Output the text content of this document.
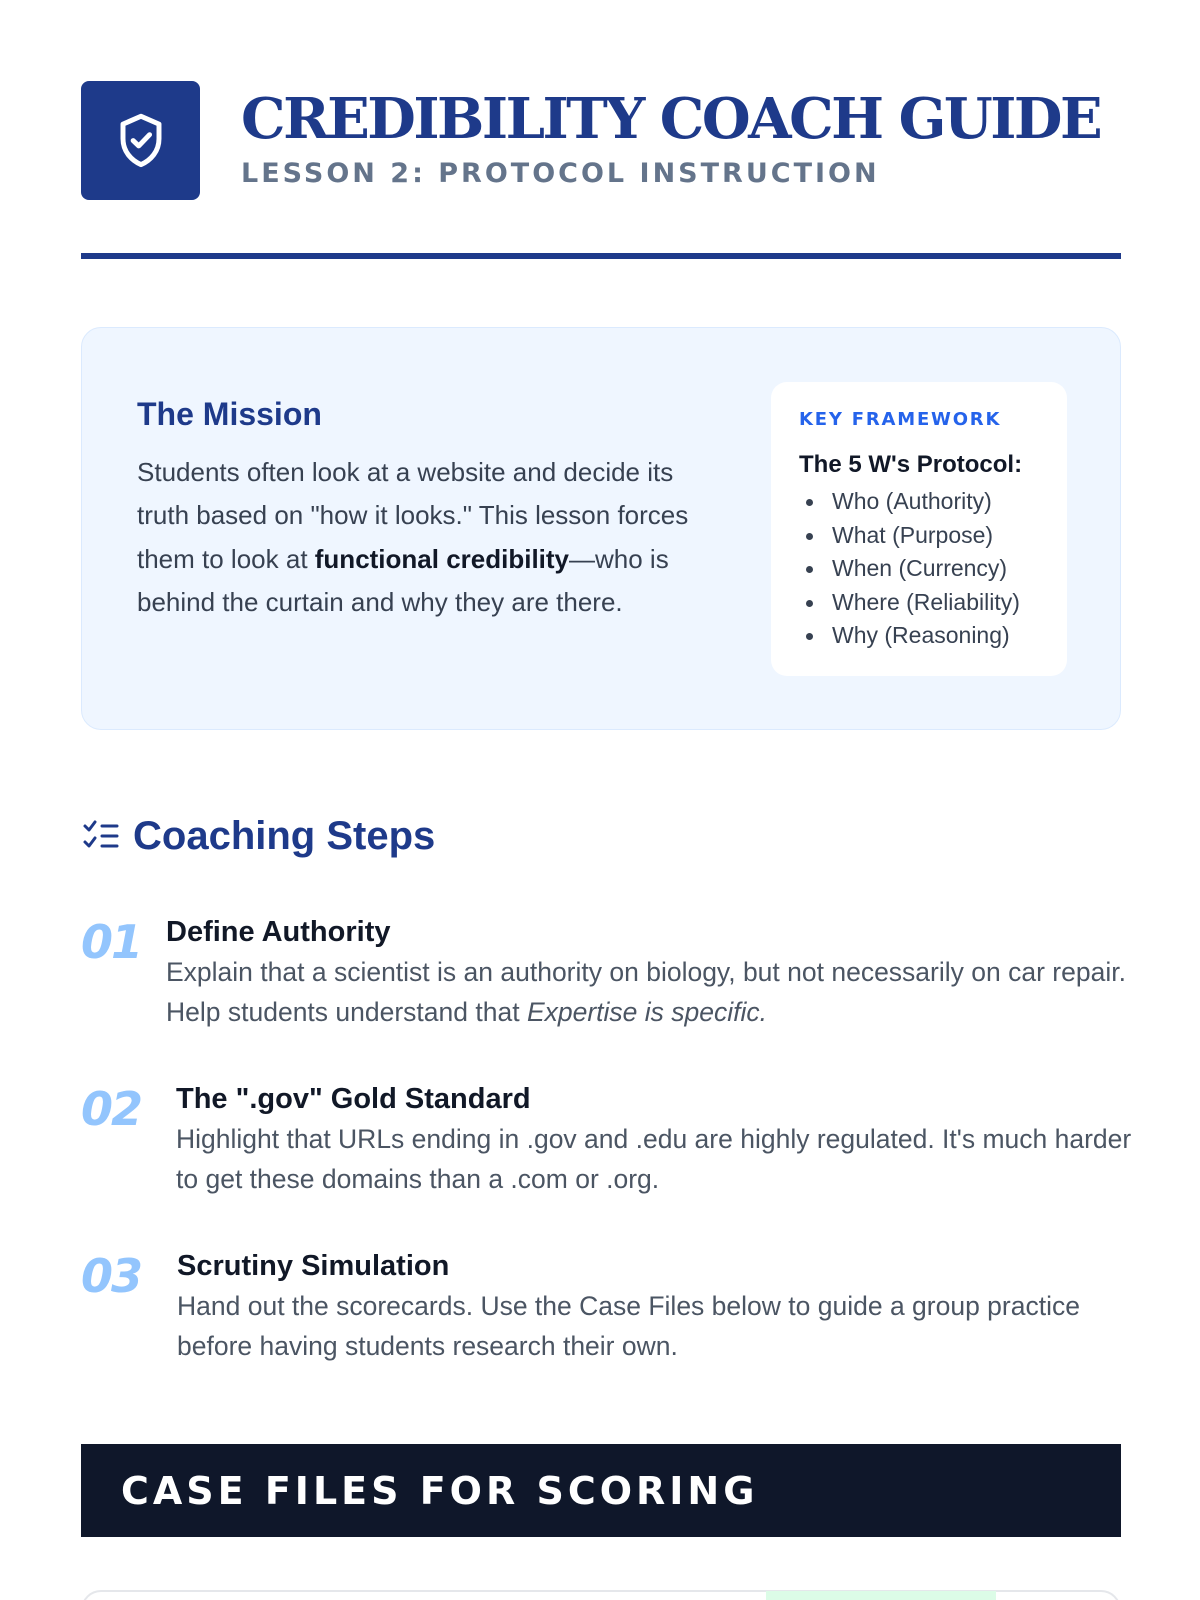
CREDIBILITY COACH GUIDE
LESSON 2: PROTOCOL INSTRUCTION
The Mission

Students often look at a website and decide its truth based on "how it looks." This lesson forces them to look at functional credibility—who is behind the curtain and why they are there.

KEY FRAMEWORK
The 5 W's Protocol:
Who (Authority)
What (Purpose)
When (Currency)
Where (Reliability)
Why (Reasoning)
Coaching Steps
01 Define Authority

Explain that a scientist is an authority on biology, but not necessarily on car repair. Help students understand that Expertise is specific.

02 The ".gov" Gold Standard

Highlight that URLs ending in .gov and .edu are highly regulated. It's much harder to get these domains than a .com or .org.

03 Scrutiny Simulation

Hand out the scorecards. Use the Case Files below to guide a group practice before having students research their own.

CASE FILES FOR SCORING
